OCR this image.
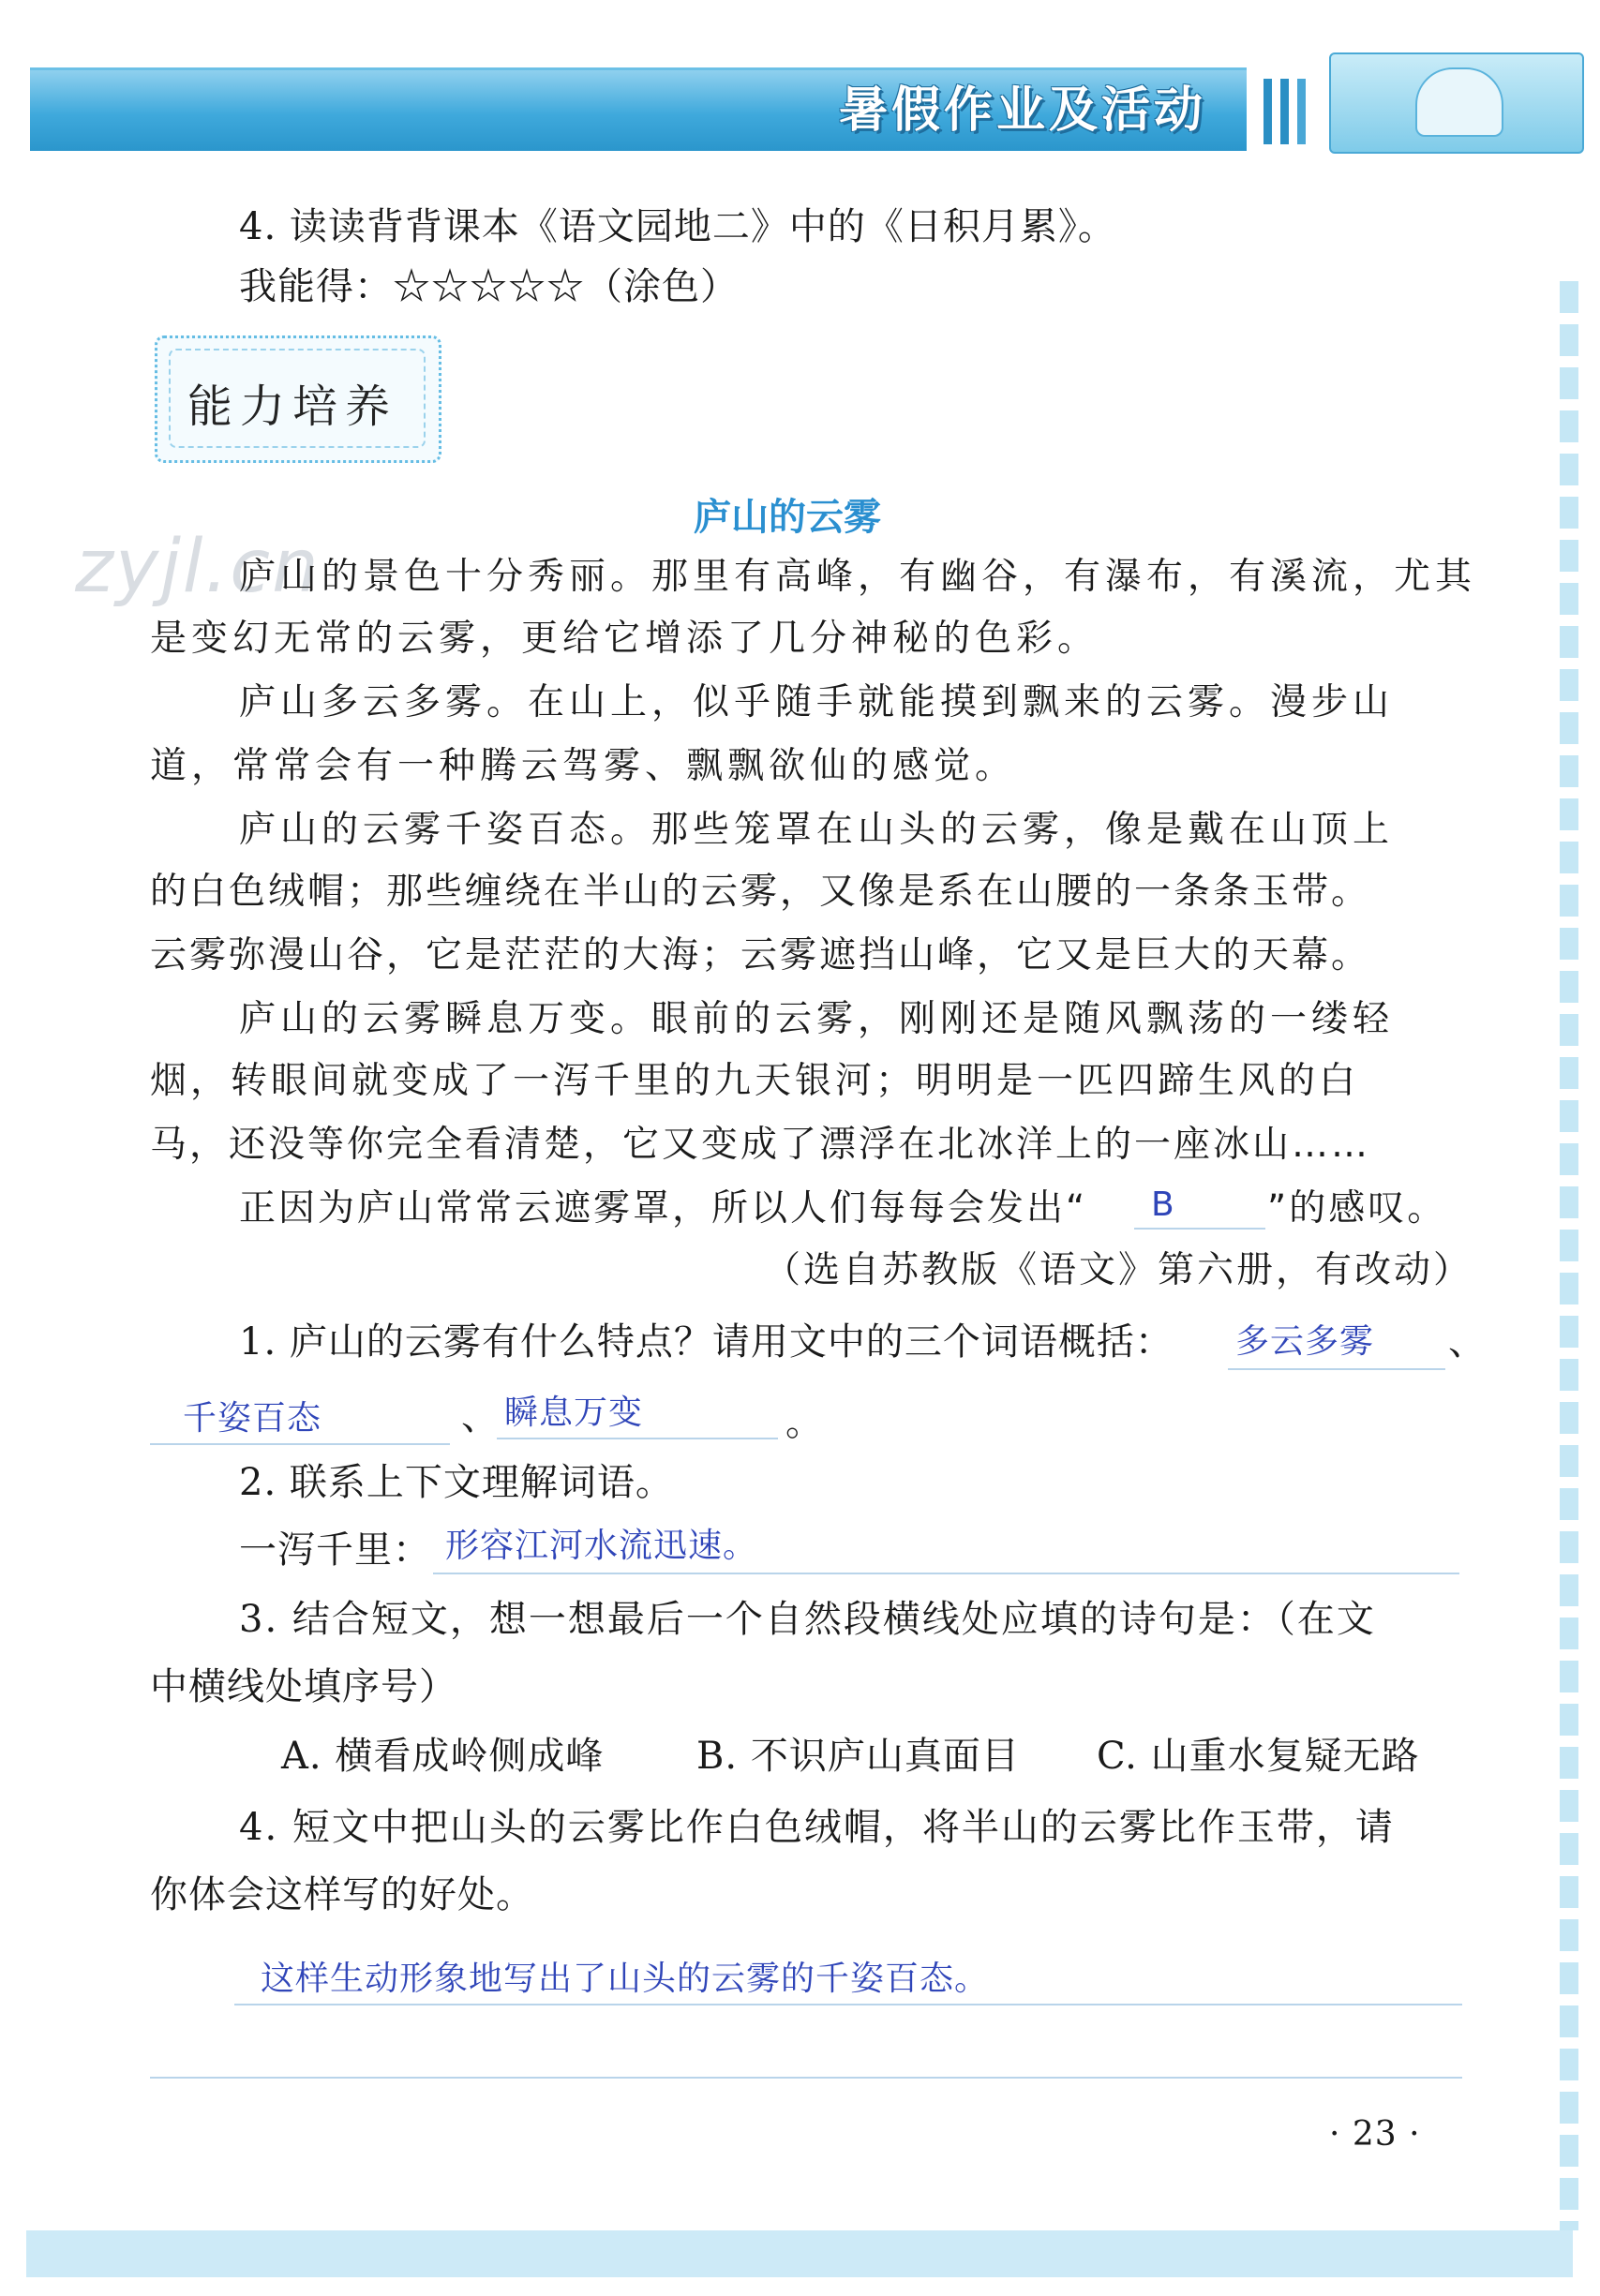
暑假作业及活动
4. 读读背背课本《语文园地二》中的《日积月累》。
我能得：☆☆☆☆☆（涂色）
能力培养
zyjl.cn
庐山的云雾
庐山的景色十分秀丽。那里有高峰，有幽谷，有瀑布，有溪流，尤其
是变幻无常的云雾，更给它增添了几分神秘的色彩。
庐山多云多雾。在山上，似乎随手就能摸到飘来的云雾。漫步山
道，常常会有一种腾云驾雾、飘飘欲仙的感觉。
庐山的云雾千姿百态。那些笼罩在山头的云雾，像是戴在山顶上
的白色绒帽；那些缠绕在半山的云雾，又像是系在山腰的一条条玉带。
云雾弥漫山谷，它是茫茫的大海；云雾遮挡山峰，它又是巨大的天幕。
庐山的云雾瞬息万变。眼前的云雾，刚刚还是随风飘荡的一缕轻
烟，转眼间就变成了一泻千里的九天银河；明明是一匹四蹄生风的白
马，还没等你完全看清楚，它又变成了漂浮在北冰洋上的一座冰山……
正因为庐山常常云遮雾罩，所以人们每每会发出“ B	”的感叹。
（选自苏教版《语文》第六册，有改动）
1. 庐山的云雾有什么特点？请用文中的三个词语概括： 多云多雾 、
千姿百态	、 瞬息万变	。
2. 联系上下文理解词语。
一泻千里： 形容江河水流迅速。
3. 结合短文，想一想最后一个自然段横线处应填的诗句是：（在文
中横线处填序号）
A. 横看成岭侧成峰 B. 不识庐山真面目 C. 山重水复疑无路
4. 短文中把山头的云雾比作白色绒帽，将半山的云雾比作玉带，请
你体会这样写的好处。
这样生动形象地写出了山头的云雾的千姿百态。
· 23 ·
